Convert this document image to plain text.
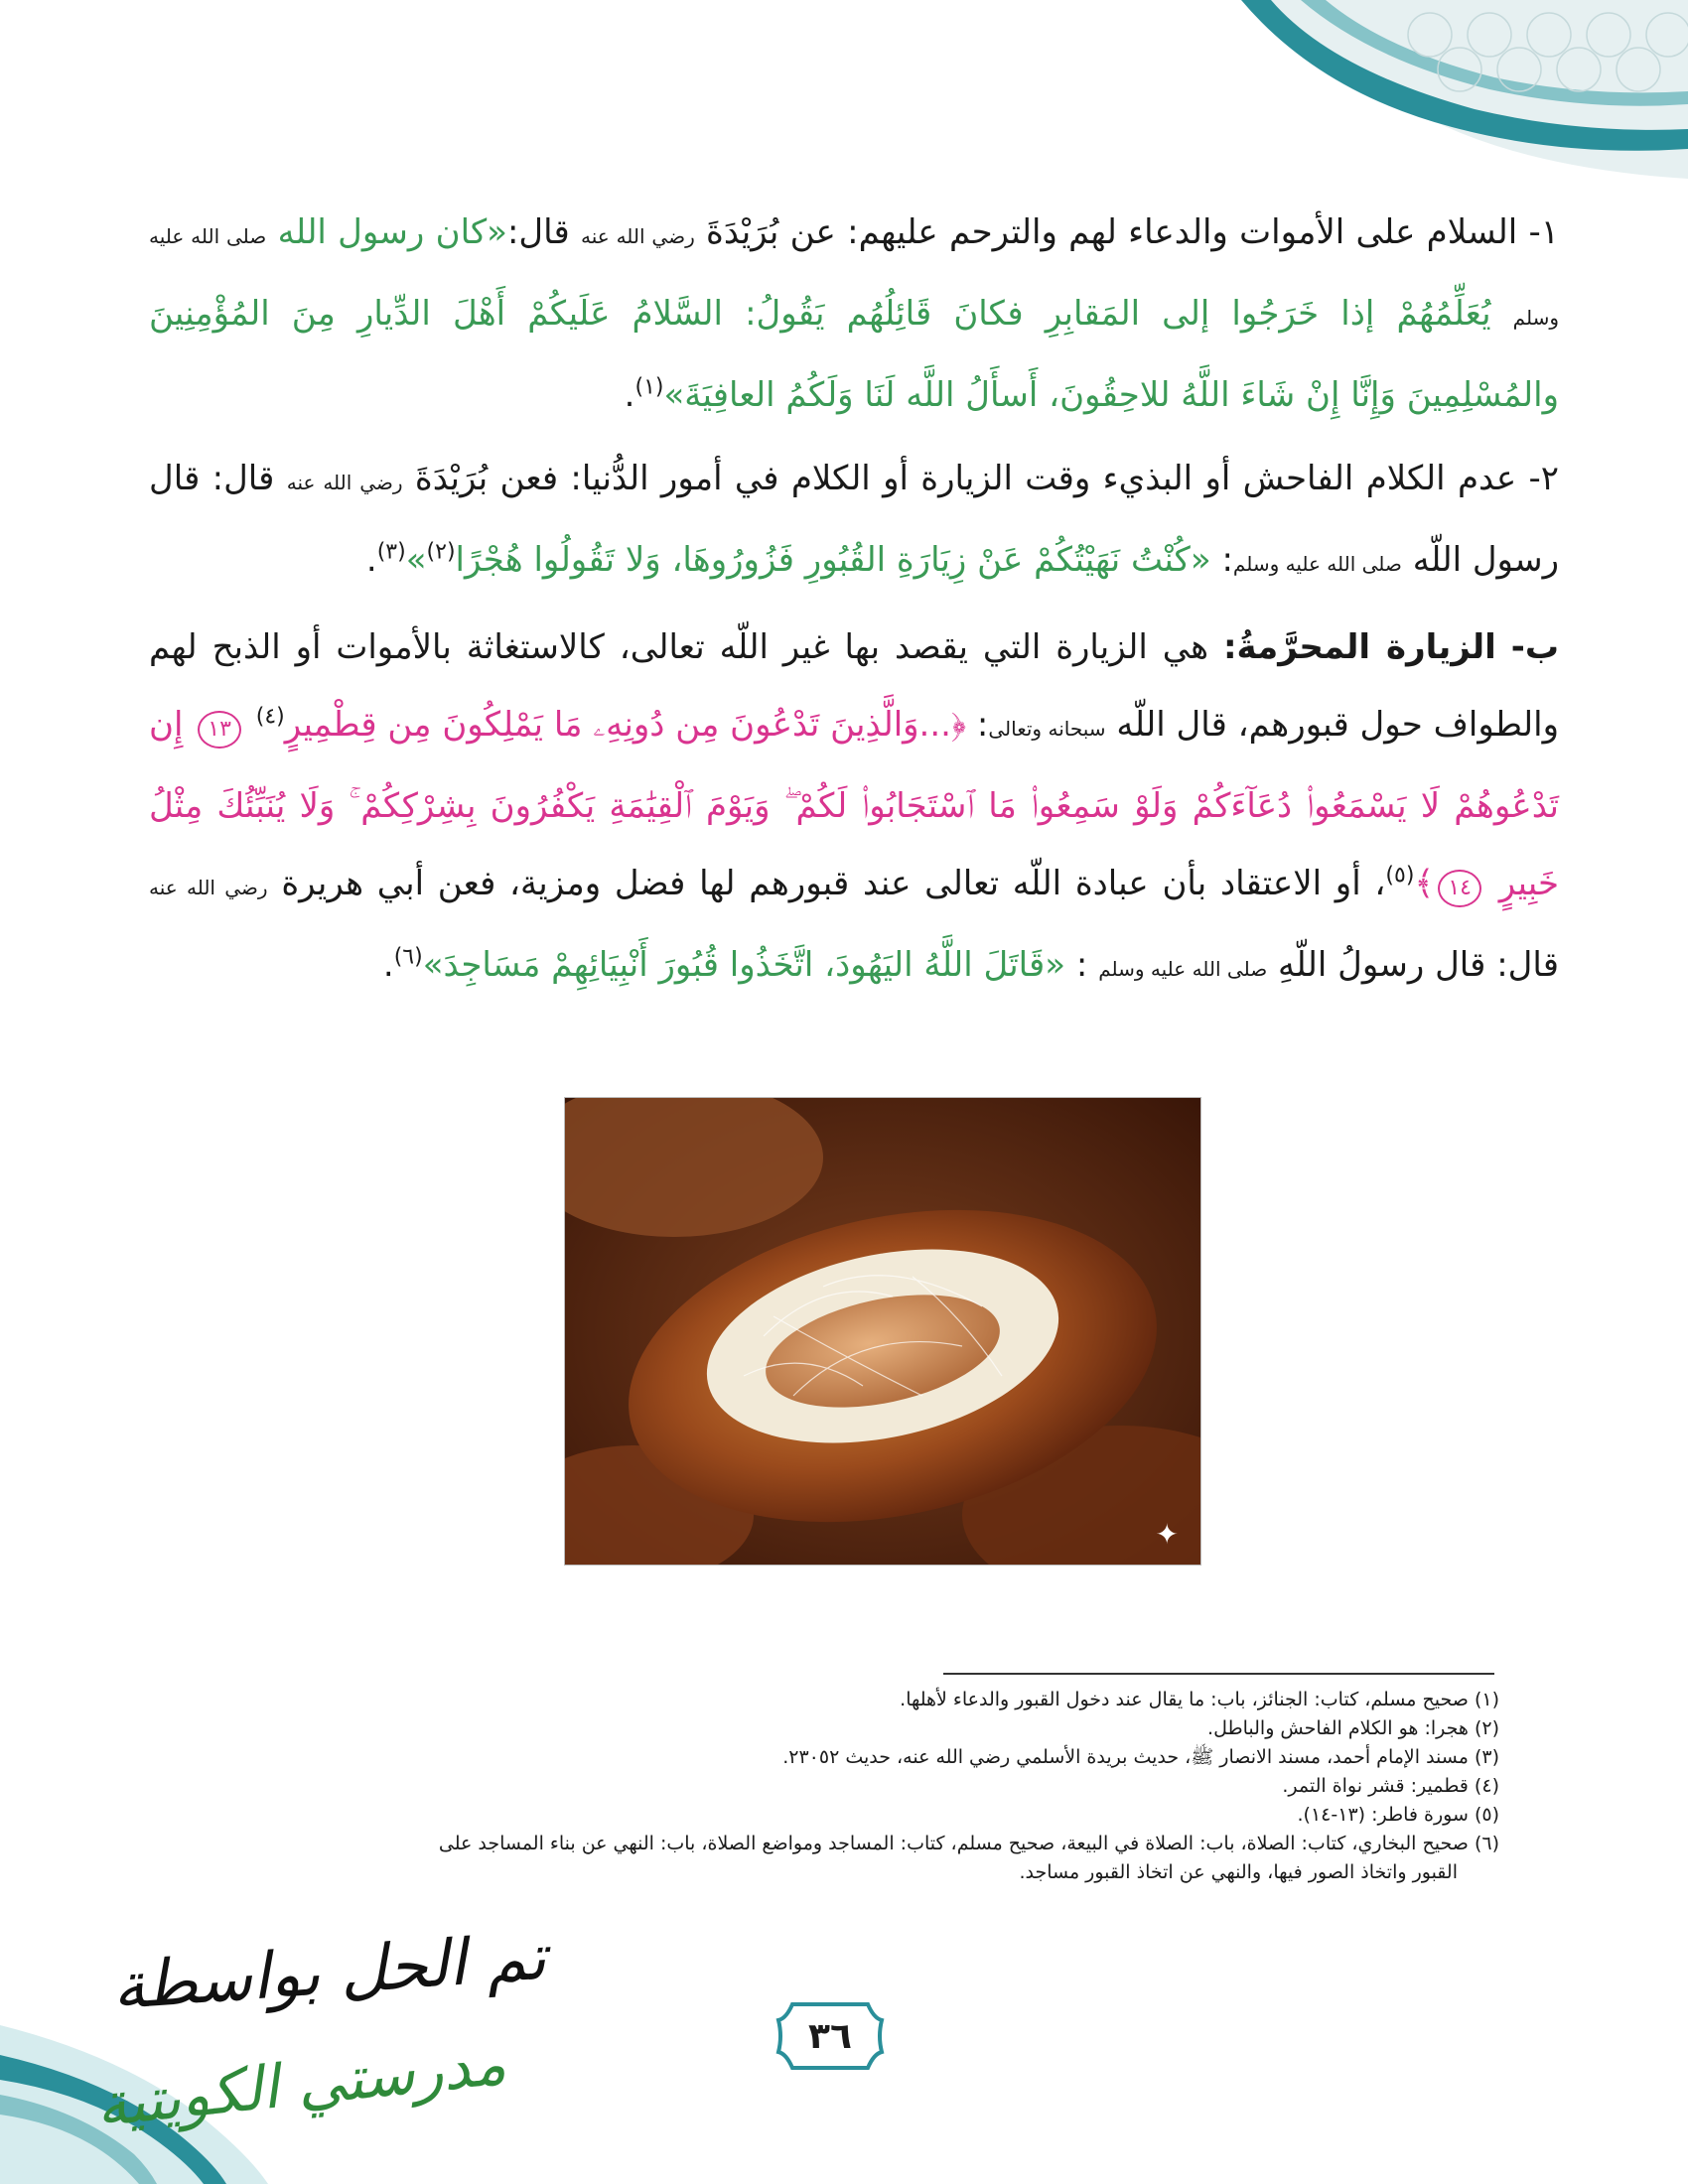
١- السلام على الأموات والدعاء لهم والترحم عليهم: عن بُرَيْدَةَ رضي الله عنه قال:«كان رسول الله صلى الله عليه وسلم يُعَلِّمُهُمْ إذا خَرَجُوا إلى المَقابِرِ فكانَ قَائِلُهُم يَقُولُ: السَّلامُ عَلَيكُمْ أَهْلَ الدِّيارِ مِنَ المُؤْمِنِينَ والمُسْلِمِينَ وَإِنَّا إِنْ شَاءَ اللَّهُ للاحِقُونَ، أَسأَلُ اللَّه لَنَا وَلَكُمُ العافِيَةَ»$^{(١)}$.

٢- عدم الكلام الفاحش أو البذيء وقت الزيارة أو الكلام في أمور الدُّنيا: فعن بُرَيْدَةَ رضي الله عنه قال: قال رسول اللّه صلى الله عليه وسلم: «كُنْتُ نَهَيْتُكُمْ عَنْ زِيَارَةِ القُبُورِ فَزُورُوهَا، وَلا تَقُولُوا هُجْرًا$^{(٢)}$»$^{(٣)}$.

ب- الزيارة المحرَّمةُ: هي الزيارة التي يقصد بها غير اللّه تعالى، كالاستغاثة بالأموات أو الذبح لهم والطواف حول قبورهم، قال اللّه سبحانه وتعالى: ﴿...وَالَّذِينَ تَدْعُونَ مِن دُونِهِۦ مَا يَمْلِكُونَ مِن قِطْمِيرٍ$^{(٤)}$ ١٣ إِن تَدْعُوهُمْ لَا يَسْمَعُوا۟ دُعَآءَكُمْ وَلَوْ سَمِعُوا۟ مَا ٱسْتَجَابُوا۟ لَكُمْ ۖ وَيَوْمَ ٱلْقِيَٰمَةِ يَكْفُرُونَ بِشِرْكِكُمْ ۚ وَلَا يُنَبِّئُكَ مِثْلُ خَبِيرٍ ١٤﴾$^{(٥)}$، أو الاعتقاد بأن عبادة اللّه تعالى عند قبورهم لها فضل ومزية، فعن أبي هريرة رضي الله عنه قال: قال رسولُ اللّهِ صلى الله عليه وسلم : «قَاتَلَ اللَّهُ اليَهُودَ، اتَّخَذُوا قُبُورَ أَنْبِيَائِهِمْ مَسَاجِدَ»$^{(٦)}$.

✦

(١) صحيح مسلم، كتاب: الجنائز، باب: ما يقال عند دخول القبور والدعاء لأهلها.

(٢) هجرا: هو الكلام الفاحش والباطل.

(٣) مسند الإمام أحمد، مسند الانصار ﷺ، حديث بريدة الأسلمي رضي الله عنه، حديث ٢٣٠٥٢.

(٤) قطمير: قشر نواة التمر.

(٥) سورة فاطر: (١٣-١٤).

(٦) صحيح البخاري، كتاب: الصلاة، باب: الصلاة في البيعة، صحيح مسلم، كتاب: المساجد ومواضع الصلاة، باب: النهي عن بناء المساجد على

القبور واتخاذ الصور فيها، والنهي عن اتخاذ القبور مساجد.

تم الحل بواسطة
مدرستي الكويتية	٣٦
